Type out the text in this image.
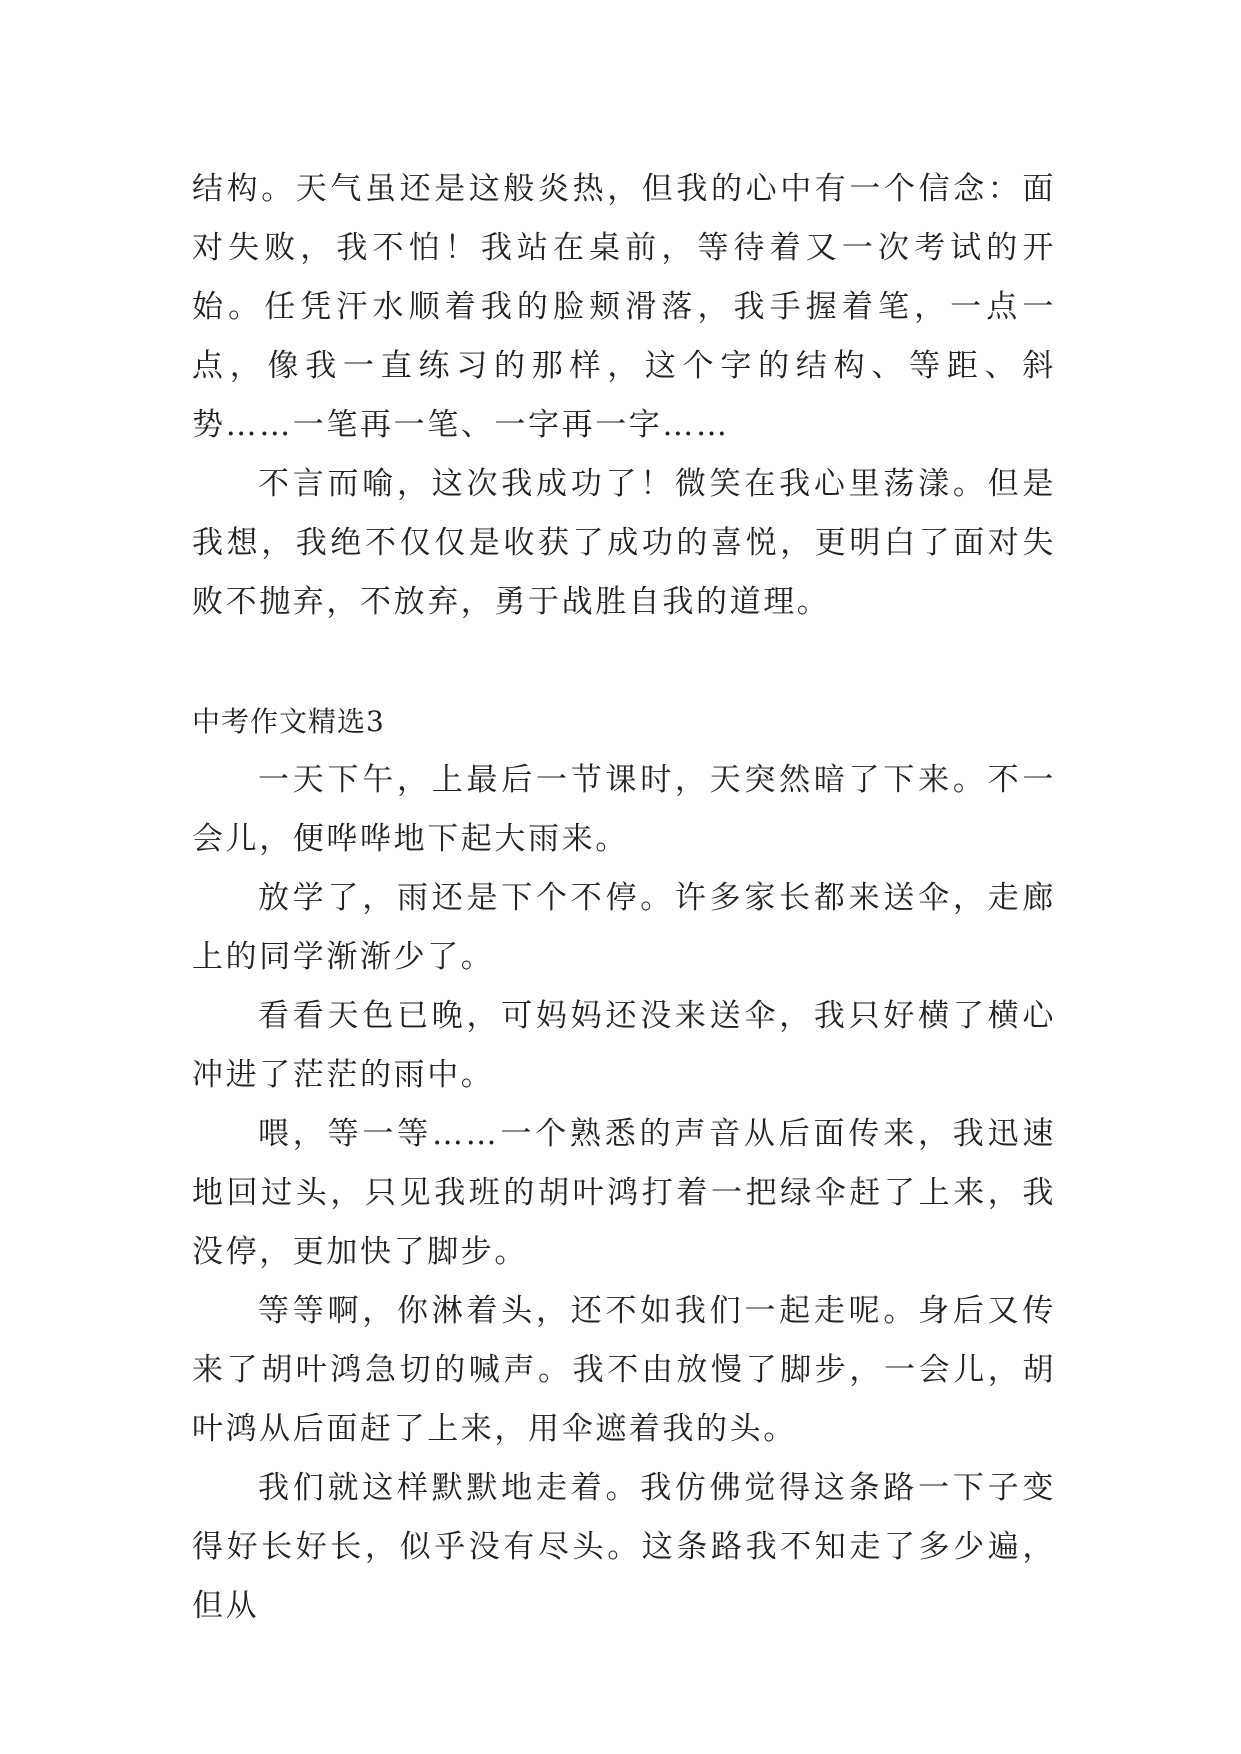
结构。天气虽还是这般炎热，但我的心中有一个信念：面对失败，我不怕！我站在桌前，等待着又一次考试的开始。任凭汗水顺着我的脸颊滑落，我手握着笔，一点一点，像我一直练习的那样，这个字的结构、等距、斜势……一笔再一笔、一字再一字……

不言而喻，这次我成功了！微笑在我心里荡漾。但是我想，我绝不仅仅是收获了成功的喜悦，更明白了面对失败不抛弃，不放弃，勇于战胜自我的道理。

中考作文精选3

一天下午，上最后一节课时，天突然暗了下来。不一会儿，便哗哗地下起大雨来。

放学了，雨还是下个不停。许多家长都来送伞，走廊上的同学渐渐少了。

看看天色已晚，可妈妈还没来送伞，我只好横了横心冲进了茫茫的雨中。

喂，等一等……一个熟悉的声音从后面传来，我迅速地回过头，只见我班的胡叶鸿打着一把绿伞赶了上来，我没停，更加快了脚步。

等等啊，你淋着头，还不如我们一起走呢。身后又传来了胡叶鸿急切的喊声。我不由放慢了脚步，一会儿，胡叶鸿从后面赶了上来，用伞遮着我的头。

我们就这样默默地走着。我仿佛觉得这条路一下子变得好长好长，似乎没有尽头。这条路我不知走了多少遍，但从
